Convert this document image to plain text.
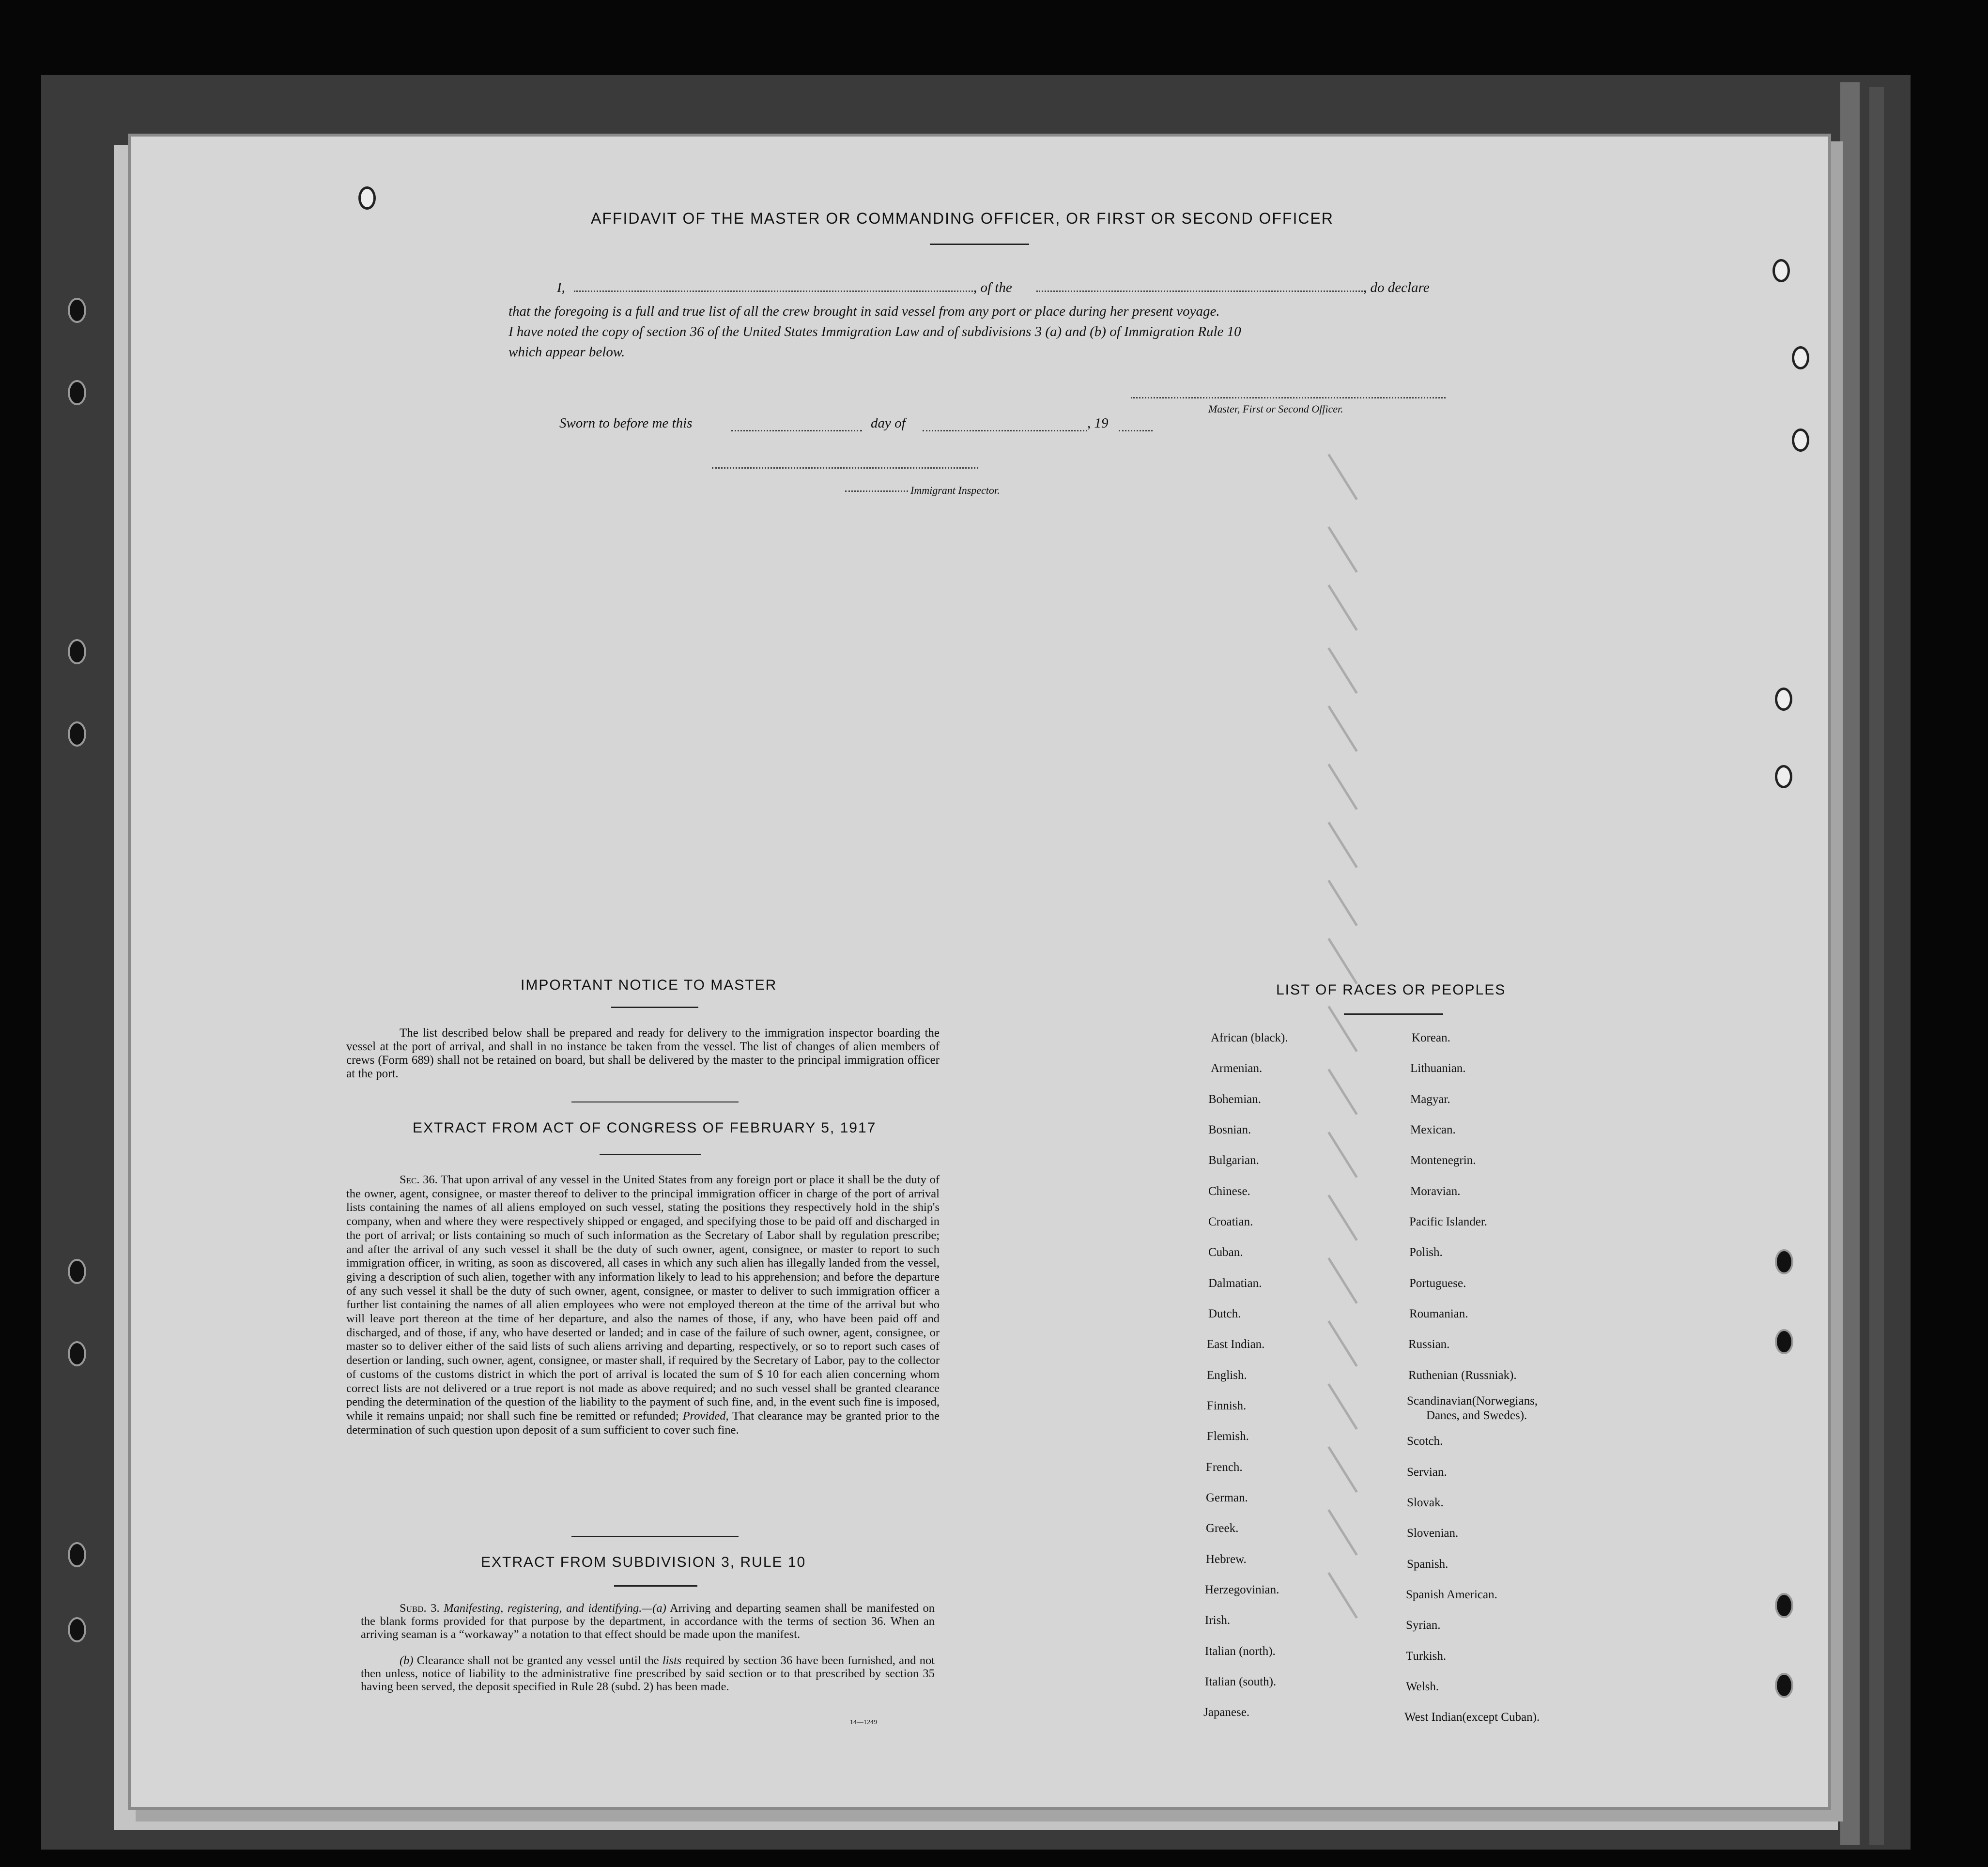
AFFIDAVIT OF THE MASTER OR COMMANDING OFFICER, OR FIRST OR SECOND OFFICER
I,	, of the	, do declare
that the foregoing is a full and true list of all the crew brought in said vessel from any port or place during her present voyage.
I have noted the copy of section 36 of the United States Immigration Law and of subdivisions 3 (a) and (b) of Immigration Rule 10
which appear below.
Master, First or Second Officer.
Sworn to before me this	day of	, 19
Immigrant Inspector.
IMPORTANT NOTICE TO MASTER
The list described below shall be prepared and ready for delivery to the immigration inspector boarding the vessel at the port of arrival, and shall in no instance be taken from the vessel. The list of changes of alien members of crews (Form 689) shall not be retained on board, but shall be delivered by the master to the principal immigration officer at the port.
EXTRACT FROM ACT OF CONGRESS OF FEBRUARY 5, 1917
Sec. 36. That upon arrival of any vessel in the United States from any foreign port or place it shall be the duty of the owner, agent, consignee, or master thereof to deliver to the principal immigration officer in charge of the port of arrival lists containing the names of all aliens employed on such vessel, stating the positions they respectively hold in the ship's company, when and where they were respectively shipped or engaged, and specifying those to be paid off and discharged in the port of arrival; or lists containing so much of such information as the Secretary of Labor shall by regulation prescribe; and after the arrival of any such vessel it shall be the duty of such owner, agent, consignee, or master to report to such immigration officer, in writing, as soon as discovered, all cases in which any such alien has illegally landed from the vessel, giving a description of such alien, together with any information likely to lead to his apprehension; and before the departure of any such vessel it shall be the duty of such owner, agent, consignee, or master to deliver to such immigration officer a further list containing the names of all alien employees who were not employed thereon at the time of the arrival but who will leave port thereon at the time of her departure, and also the names of those, if any, who have been paid off and discharged, and of those, if any, who have deserted or landed; and in case of the failure of such owner, agent, consignee, or master so to deliver either of the said lists of such aliens arriving and departing, respectively, or so to report such cases of desertion or landing, such owner, agent, consignee, or master shall, if required by the Secretary of Labor, pay to the collector of customs of the customs district in which the port of arrival is located the sum of $ 10 for each alien concerning whom correct lists are not delivered or a true report is not made as above required; and no such vessel shall be granted clearance pending the determination of the question of the liability to the payment of such fine, and, in the event such fine is imposed, while it remains unpaid; nor shall such fine be remitted or refunded; Provided, That clearance may be granted prior to the determination of such question upon deposit of a sum sufficient to cover such fine.
EXTRACT FROM SUBDIVISION 3, RULE 10
Subd. 3. Manifesting, registering, and identifying.—(a) Arriving and departing seamen shall be manifested on the blank forms provided for that purpose by the department, in accordance with the terms of section 36. When an arriving seaman is a “workaway” a notation to that effect should be made upon the manifest.
(b) Clearance shall not be granted any vessel until the lists required by section 36 have been furnished, and not then unless, notice of liability to the administrative fine prescribed by said section or to that prescribed by section 35 having been served, the deposit specified in Rule 28 (subd. 2) has been made.
14—1249
LIST OF RACES OR PEOPLES
African (black).
Armenian.
Bohemian.
Bosnian.
Bulgarian.
Chinese.
Croatian.
Cuban.
Dalmatian.
Dutch.
East Indian.
English.
Finnish.
Flemish.
French.
German.
Greek.
Hebrew.
Herzegovinian.
Irish.
Italian (north).
Italian (south).
Japanese.
Korean.
Lithuanian.
Magyar.
Mexican.
Montenegrin.
Moravian.
Pacific Islander.
Polish.
Portuguese.
Roumanian.
Russian.
Ruthenian (Russniak).
Scandinavian(Norwegians,
Danes, and Swedes).
Scotch.
Servian.
Slovak.
Slovenian.
Spanish.
Spanish American.
Syrian.
Turkish.
Welsh.
West Indian(except Cuban).
